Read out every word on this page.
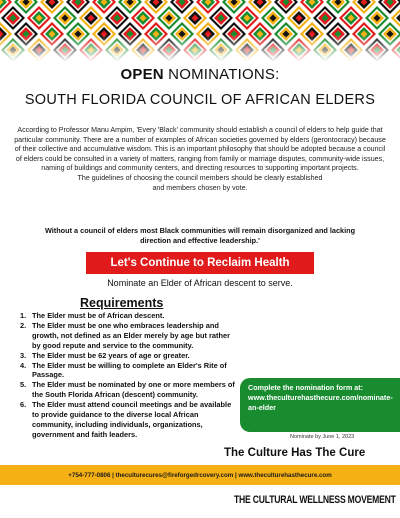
OPEN NOMINATIONS:
SOUTH FLORIDA COUNCIL OF AFRICAN ELDERS

According to Professor Manu Ampim, 'Every 'Black' community should establish a council of elders to help guide that particular community. There are a number of examples of African societies governed by elders (gerontocracy) because of their collective and accumulative wisdom. This is an important philosophy that should be adopted because a council of elders could be consulted in a variety of matters, ranging from family or marriage disputes, community-wide issues, naming of buildings and community centers, and directing resources to supporting important projects.

The guidelines of choosing the council members should be clearly established

and members chosen by vote.

Without a council of elders most Black communities will remain disorganized and lacking direction and effective leadership.'
Let's Continue to Reclaim Health
Nominate an Elder of African descent to serve.
Requirements
1. The Elder must be of African descent.
2. The Elder must be one who embraces leadership and growth, not defined as an Elder merely by age but rather by good repute and service to the community.
3. The Elder must be 62 years of age or greater.
4. The Elder must be willing to complete an Elder's Rite of Passage.
5. The Elder must be nominated by one or more members of the South Florida African (descent) community.
6. The Elder must attend council meetings and be available to provide guidance to the diverse local African community, including individuals, organizations, government and faith leaders.
Complete the nomination form at: www.theculturehasthecure.com/nominate-an-elder
Nominate by June 1, 2023
The Culture Has The Cure
+754-777-0806 | theculturecures@fireforgedrcovery.com | www.theculturehasthecure.com
THE CULTURAL WELLNESS MOVEMENT
